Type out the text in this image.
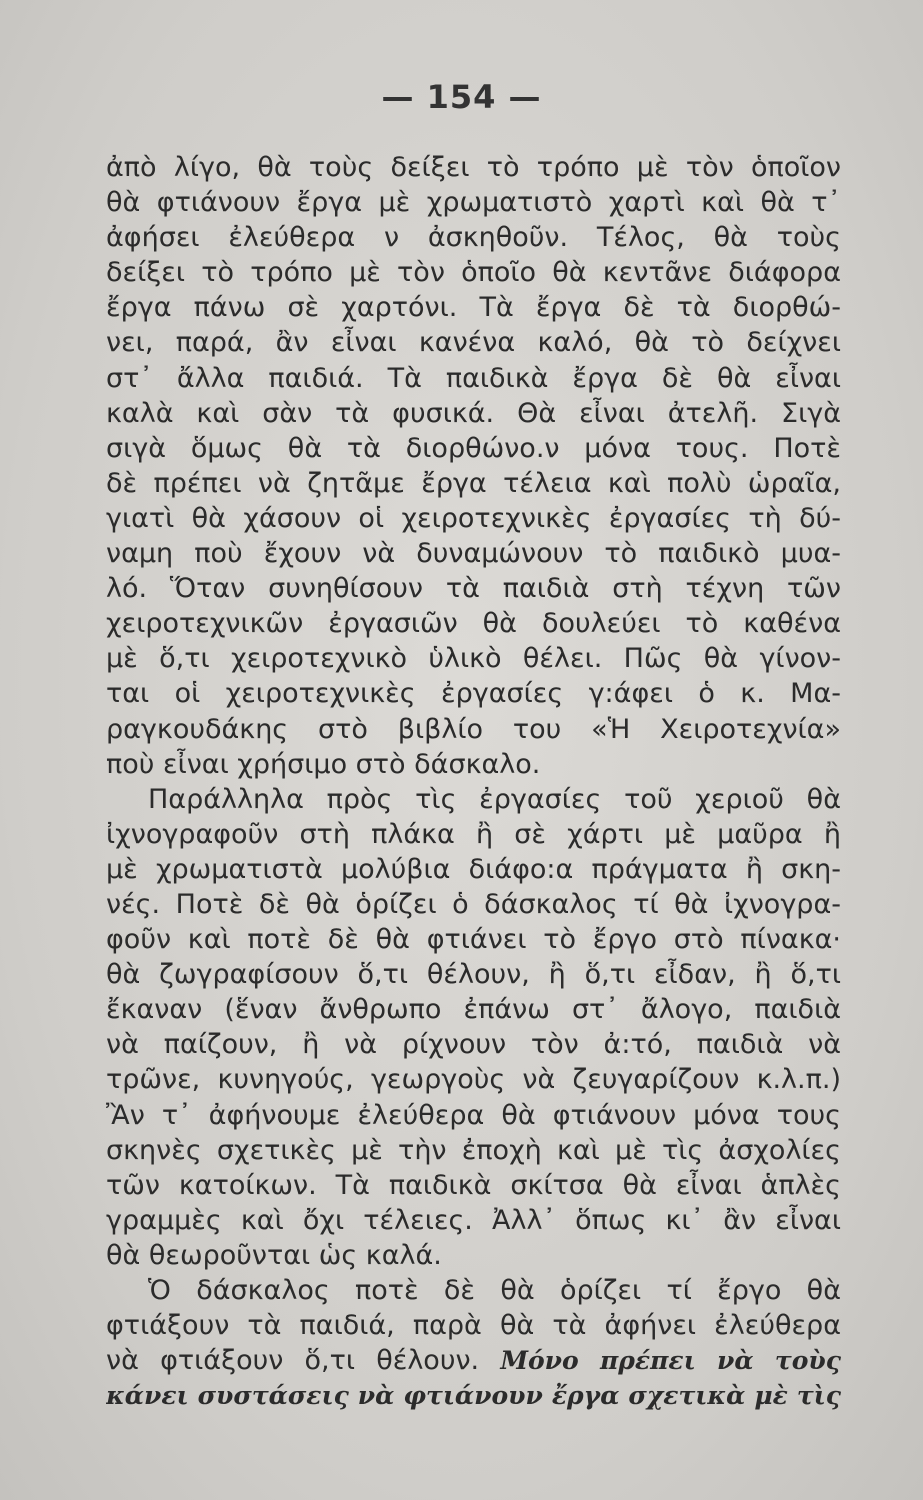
— 154 —
ἀπὸ λίγο, θὰ τοὺς δείξει τὸ τρόπο μὲ τὸν ὁποῖον
θὰ φτιάνουν ἔργα μὲ χρωματιστὸ χαρτὶ καὶ θὰ τ᾽
ἀφήσει ἐλεύθερα ν ἀσκηθοῦν. Τέλος, θὰ τοὺς
δείξει τὸ τρόπο μὲ τὸν ὁποῖο θὰ κεντᾶνε διάφορα
ἔργα πάνω σὲ χαρτόνι. Τὰ ἔργα δὲ τὰ διορθώ-
νει, παρά, ἂν εἶναι κανένα καλό, θὰ τὸ δείχνει
στ᾽ ἄλλα παιδιά. Τὰ παιδικὰ ἔργα δὲ θὰ εἶναι
καλὰ καὶ σὰν τὰ φυσικά. Θὰ εἶναι ἀτελῆ. Σιγὰ
σιγὰ ὅμως θὰ τὰ διορθώνο.ν μόνα τους. Ποτὲ
δὲ πρέπει νὰ ζητᾶμε ἔργα τέλεια καὶ πολὺ ὡραῖα,
γιατὶ θὰ χάσουν οἱ χειροτεχνικὲς ἐργασίες τὴ δύ-
ναμη ποὺ ἔχουν νὰ δυναμώνουν τὸ παιδικὸ μυα-
λό. Ὅταν συνηθίσουν τὰ παιδιὰ στὴ τέχνη τῶν
χειροτεχνικῶν ἐργασιῶν θὰ δουλεύει τὸ καθένα
μὲ ὅ,τι χειροτεχνικὸ ὑλικὸ θέλει. Πῶς θὰ γίνον-
ται οἱ χειροτεχνικὲς ἐργασίες γ:άφει ὁ κ. Μα-
ραγκουδάκης στὸ βιβλίο του «Ἡ Χειροτεχνία»
ποὺ εἶναι χρήσιμο στὸ δάσκαλο.
Παράλληλα πρὸς τὶς ἐργασίες τοῦ χεριοῦ θὰ
ἰχνογραφοῦν στὴ πλάκα ἢ σὲ χάρτι μὲ μαῦρα ἢ
μὲ χρωματιστὰ μολύβια διάφο:α πράγματα ἢ σκη-
νές. Ποτὲ δὲ θὰ ὁρίζει ὁ δάσκαλος τί θὰ ἰχνογρα-
φοῦν καὶ ποτὲ δὲ θὰ φτιάνει τὸ ἔργο στὸ πίνακα·
θὰ ζωγραφίσουν ὅ,τι θέλουν, ἢ ὅ,τι εἶδαν, ἢ ὅ,τι
ἔκαναν (ἕναν ἄνθρωπο ἐπάνω στ᾽ ἄλογο, παιδιὰ
νὰ παίζουν, ἢ νὰ ρίχνουν τὸν ἀ:τό, παιδιὰ νὰ
τρῶνε, κυνηγούς, γεωργοὺς νὰ ζευγαρίζουν κ.λ.π.)
Ἂν τ᾽ ἀφήνουμε ἐλεύθερα θὰ φτιάνουν μόνα τους
σκηνὲς σχετικὲς μὲ τὴν ἐποχὴ καὶ μὲ τὶς ἀσχολίες
τῶν κατοίκων. Τὰ παιδικὰ σκίτσα θὰ εἶναι ἁπλὲς
γραμμὲς καὶ ὄχι τέλειες. Ἀλλ᾽ ὅπως κι᾽ ἂν εἶναι
θὰ θεωροῦνται ὡς καλά.
Ὁ δάσκαλος ποτὲ δὲ θὰ ὁρίζει τί ἔργο θὰ
φτιάξουν τὰ παιδιά, παρὰ θὰ τὰ ἀφήνει ἐλεύθερα
νὰ φτιάξουν ὅ,τι θέλουν. Μόνο πρέπει νὰ τοὺς
κάνει συστάσεις νὰ φτιάνουν ἔργα σχετικὰ μὲ τὶς
